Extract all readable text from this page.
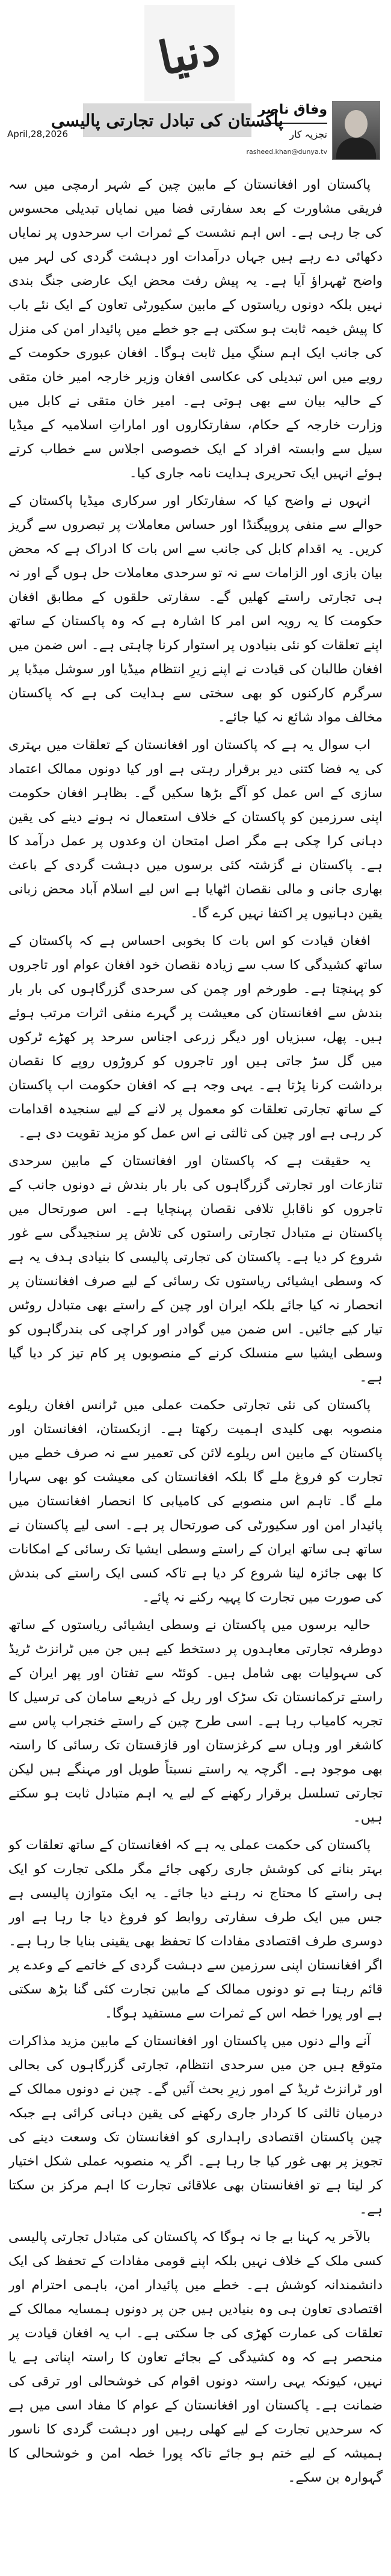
دنیا
وفاق ناصر
تجزیہ کار
rasheed.khan@dunya.tv
April,28,2026
پاکستان کی تبادل تجارتی پالیسی

پاکستان اور افغانستان کے مابین چین کے شہر ارمچی میں سہ فریقی مشاورت کے بعد سفارتی فضا میں نمایاں تبدیلی محسوس کی جا رہی ہے۔ اس اہم نشست کے ثمرات اب سرحدوں پر نمایاں دکھائی دے رہے ہیں جہاں درآمدات اور دہشت گردی کی لہر میں واضح ٹھہراؤ آیا ہے۔ یہ پیش رفت محض ایک عارضی جنگ بندی نہیں بلکہ دونوں ریاستوں کے مابین سکیورٹی تعاون کے ایک نئے باب کا پیش خیمہ ثابت ہو سکتی ہے جو خطے میں پائیدار امن کی منزل کی جانب ایک اہم سنگِ میل ثابت ہوگا۔ افغان عبوری حکومت کے رویے میں اس تبدیلی کی عکاسی افغان وزیر خارجہ امیر خان متقی کے حالیہ بیان سے بھی ہوتی ہے۔ امیر خان متقی نے کابل میں وزارت خارجہ کے حکام، سفارتکاروں اور اماراتِ اسلامیہ کے میڈیا سیل سے وابستہ افراد کے ایک خصوصی اجلاس سے خطاب کرتے ہوئے انہیں ایک تحریری ہدایت نامہ جاری کیا۔

انہوں نے واضح کیا کہ سفارتکار اور سرکاری میڈیا پاکستان کے حوالے سے منفی پروپیگنڈا اور حساس معاملات پر تبصروں سے گریز کریں۔ یہ اقدام کابل کی جانب سے اس بات کا ادراک ہے کہ محض بیان بازی اور الزامات سے نہ تو سرحدی معاملات حل ہوں گے اور نہ ہی تجارتی راستے کھلیں گے۔ سفارتی حلقوں کے مطابق افغان حکومت کا یہ رویہ اس امر کا اشارہ ہے کہ وہ پاکستان کے ساتھ اپنے تعلقات کو نئی بنیادوں پر استوار کرنا چاہتی ہے۔ اس ضمن میں افغان طالبان کی قیادت نے اپنے زیرِ انتظام میڈیا اور سوشل میڈیا پر سرگرم کارکنوں کو بھی سختی سے ہدایت کی ہے کہ پاکستان مخالف مواد شائع نہ کیا جائے۔

اب سوال یہ ہے کہ پاکستان اور افغانستان کے تعلقات میں بہتری کی یہ فضا کتنی دیر برقرار رہتی ہے اور کیا دونوں ممالک اعتماد سازی کے اس عمل کو آگے بڑھا سکیں گے۔ بظاہر افغان حکومت اپنی سرزمین کو پاکستان کے خلاف استعمال نہ ہونے دینے کی یقین دہانی کرا چکی ہے مگر اصل امتحان ان وعدوں پر عمل درآمد کا ہے۔ پاکستان نے گزشتہ کئی برسوں میں دہشت گردی کے باعث بھاری جانی و مالی نقصان اٹھایا ہے اس لیے اسلام آباد محض زبانی یقین دہانیوں پر اکتفا نہیں کرے گا۔

افغان قیادت کو اس بات کا بخوبی احساس ہے کہ پاکستان کے ساتھ کشیدگی کا سب سے زیادہ نقصان خود افغان عوام اور تاجروں کو پہنچتا ہے۔ طورخم اور چمن کی سرحدی گزرگاہوں کی بار بار بندش سے افغانستان کی معیشت پر گہرے منفی اثرات مرتب ہوئے ہیں۔ پھل، سبزیاں اور دیگر زرعی اجناس سرحد پر کھڑے ٹرکوں میں گل سڑ جاتی ہیں اور تاجروں کو کروڑوں روپے کا نقصان برداشت کرنا پڑتا ہے۔ یہی وجہ ہے کہ افغان حکومت اب پاکستان کے ساتھ تجارتی تعلقات کو معمول پر لانے کے لیے سنجیدہ اقدامات کر رہی ہے اور چین کی ثالثی نے اس عمل کو مزید تقویت دی ہے۔

یہ حقیقت ہے کہ پاکستان اور افغانستان کے مابین سرحدی تنازعات اور تجارتی گزرگاہوں کی بار بار بندش نے دونوں جانب کے تاجروں کو ناقابلِ تلافی نقصان پہنچایا ہے۔ اس صورتحال میں پاکستان نے متبادل تجارتی راستوں کی تلاش پر سنجیدگی سے غور شروع کر دیا ہے۔ پاکستان کی تجارتی پالیسی کا بنیادی ہدف یہ ہے کہ وسطی ایشیائی ریاستوں تک رسائی کے لیے صرف افغانستان پر انحصار نہ کیا جائے بلکہ ایران اور چین کے راستے بھی متبادل روٹس تیار کیے جائیں۔ اس ضمن میں گوادر اور کراچی کی بندرگاہوں کو وسطی ایشیا سے منسلک کرنے کے منصوبوں پر کام تیز کر دیا گیا ہے۔

پاکستان کی نئی تجارتی حکمت عملی میں ٹرانس افغان ریلوے منصوبہ بھی کلیدی اہمیت رکھتا ہے۔ ازبکستان، افغانستان اور پاکستان کے مابین اس ریلوے لائن کی تعمیر سے نہ صرف خطے میں تجارت کو فروغ ملے گا بلکہ افغانستان کی معیشت کو بھی سہارا ملے گا۔ تاہم اس منصوبے کی کامیابی کا انحصار افغانستان میں پائیدار امن اور سکیورٹی کی صورتحال پر ہے۔ اسی لیے پاکستان نے ساتھ ہی ساتھ ایران کے راستے وسطی ایشیا تک رسائی کے امکانات کا بھی جائزہ لینا شروع کر دیا ہے تاکہ کسی ایک راستے کی بندش کی صورت میں تجارت کا پہیہ رکنے نہ پائے۔

حالیہ برسوں میں پاکستان نے وسطی ایشیائی ریاستوں کے ساتھ دوطرفہ تجارتی معاہدوں پر دستخط کیے ہیں جن میں ٹرانزٹ ٹریڈ کی سہولیات بھی شامل ہیں۔ کوئٹہ سے تفتان اور پھر ایران کے راستے ترکمانستان تک سڑک اور ریل کے ذریعے سامان کی ترسیل کا تجربہ کامیاب رہا ہے۔ اسی طرح چین کے راستے خنجراب پاس سے کاشغر اور وہاں سے کرغزستان اور قازقستان تک رسائی کا راستہ بھی موجود ہے۔ اگرچہ یہ راستے نسبتاً طویل اور مہنگے ہیں لیکن تجارتی تسلسل برقرار رکھنے کے لیے یہ اہم متبادل ثابت ہو سکتے ہیں۔

پاکستان کی حکمت عملی یہ ہے کہ افغانستان کے ساتھ تعلقات کو بہتر بنانے کی کوشش جاری رکھی جائے مگر ملکی تجارت کو ایک ہی راستے کا محتاج نہ رہنے دیا جائے۔ یہ ایک متوازن پالیسی ہے جس میں ایک طرف سفارتی روابط کو فروغ دیا جا رہا ہے اور دوسری طرف اقتصادی مفادات کا تحفظ بھی یقینی بنایا جا رہا ہے۔ اگر افغانستان اپنی سرزمین سے دہشت گردی کے خاتمے کے وعدے پر قائم رہتا ہے تو دونوں ممالک کے مابین تجارت کئی گنا بڑھ سکتی ہے اور پورا خطہ اس کے ثمرات سے مستفید ہوگا۔

آنے والے دنوں میں پاکستان اور افغانستان کے مابین مزید مذاکرات متوقع ہیں جن میں سرحدی انتظام، تجارتی گزرگاہوں کی بحالی اور ٹرانزٹ ٹریڈ کے امور زیرِ بحث آئیں گے۔ چین نے دونوں ممالک کے درمیان ثالثی کا کردار جاری رکھنے کی یقین دہانی کرائی ہے جبکہ چین پاکستان اقتصادی راہداری کو افغانستان تک وسعت دینے کی تجویز پر بھی غور کیا جا رہا ہے۔ اگر یہ منصوبہ عملی شکل اختیار کر لیتا ہے تو افغانستان بھی علاقائی تجارت کا اہم مرکز بن سکتا ہے۔

بالآخر یہ کہنا بے جا نہ ہوگا کہ پاکستان کی متبادل تجارتی پالیسی کسی ملک کے خلاف نہیں بلکہ اپنے قومی مفادات کے تحفظ کی ایک دانشمندانہ کوشش ہے۔ خطے میں پائیدار امن، باہمی احترام اور اقتصادی تعاون ہی وہ بنیادیں ہیں جن پر دونوں ہمسایہ ممالک کے تعلقات کی عمارت کھڑی کی جا سکتی ہے۔ اب یہ افغان قیادت پر منحصر ہے کہ وہ کشیدگی کے بجائے تعاون کا راستہ اپناتی ہے یا نہیں، کیونکہ یہی راستہ دونوں اقوام کی خوشحالی اور ترقی کی ضمانت ہے۔ پاکستان اور افغانستان کے عوام کا مفاد اسی میں ہے کہ سرحدیں تجارت کے لیے کھلی رہیں اور دہشت گردی کا ناسور ہمیشہ کے لیے ختم ہو جائے تاکہ پورا خطہ امن و خوشحالی کا گہوارہ بن سکے۔
